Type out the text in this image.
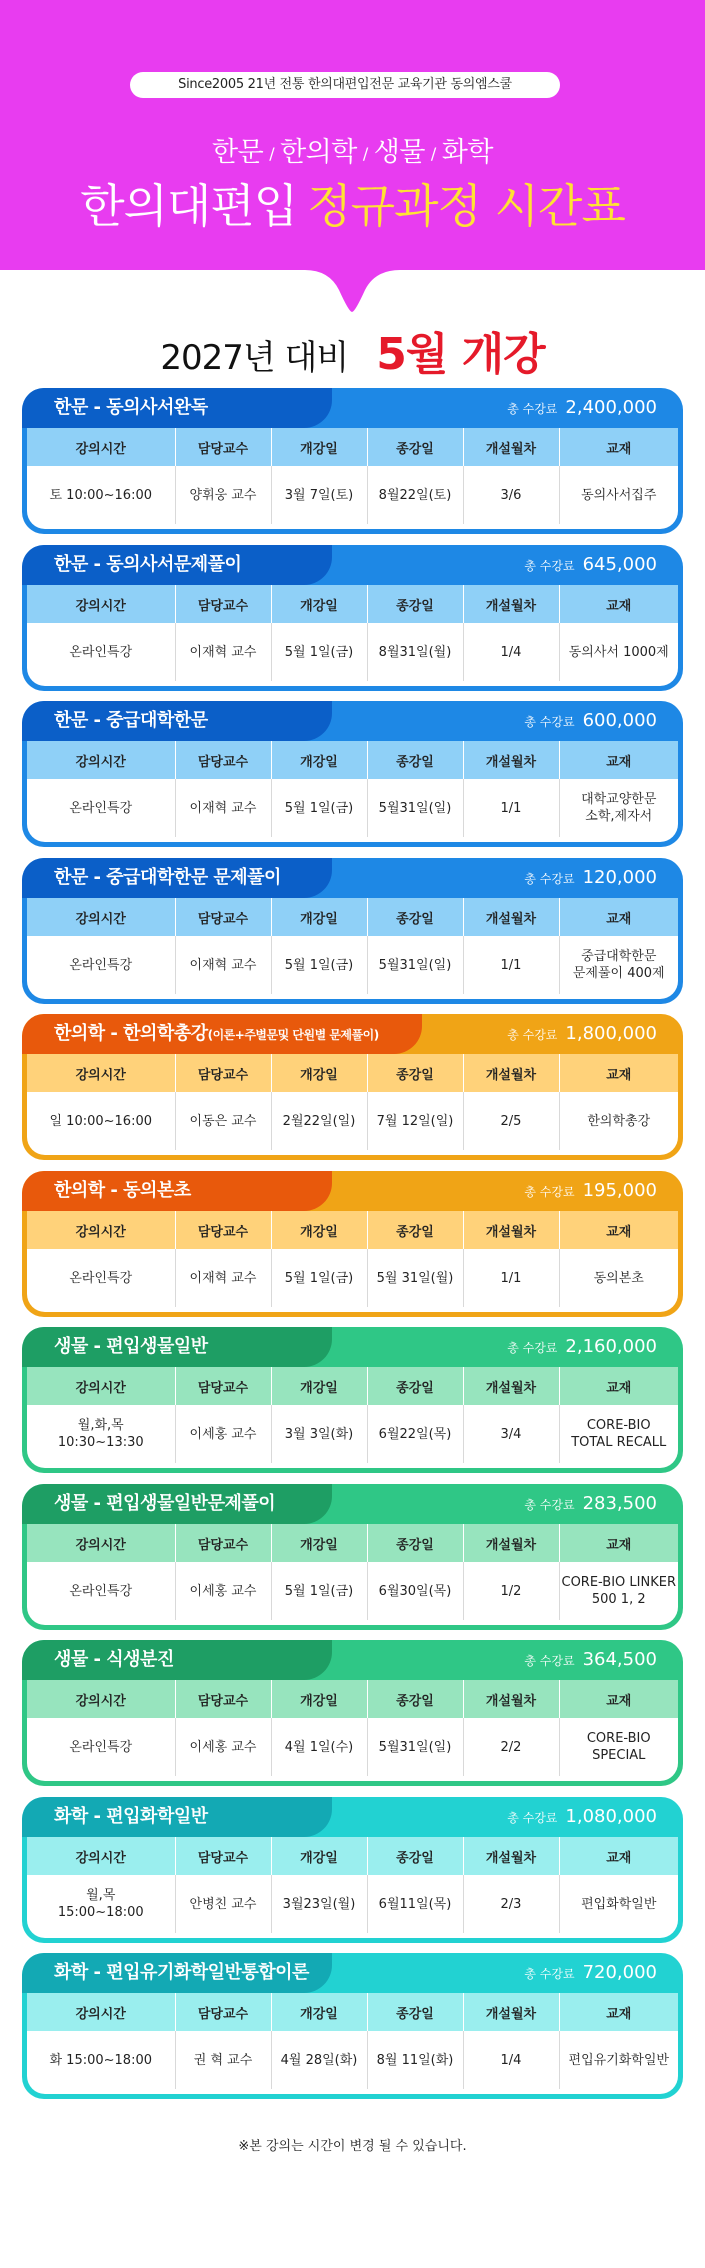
Since2005 21년 전통 한의대편입전문 교육기관 동의엠스쿨
한문 / 한의학 / 생물 / 화학
한의대편입 정규과정 시간표
2027년 대비 5월 개강
한문 - 동의사서완독	총 수강료 2,400,000
강의시간	담당교수	개강일	종강일	개설월차	교재
토 10:00~16:00	양휘웅 교수	3월 7일(토)	8월22일(토)	3/6	동의사서집주
한문 - 동의사서문제풀이	총 수강료 645,000
강의시간	담당교수	개강일	종강일	개설월차	교재
온라인특강	이재혁 교수	5월 1일(금)	8월31일(월)	1/4	동의사서 1000제
한문 - 중급대학한문	총 수강료 600,000
강의시간	담당교수	개강일	종강일	개설월차	교재
온라인특강	이재혁 교수	5월 1일(금)	5월31일(일)	1/1	대학교양한문
소학,제자서
한문 - 중급대학한문 문제풀이	총 수강료 120,000
강의시간	담당교수	개강일	종강일	개설월차	교재
온라인특강	이재혁 교수	5월 1일(금)	5월31일(일)	1/1	중급대학한문
문제풀이 400제
한의학 - 한의학총강(이론+주별문및 단원별 문제풀이)	총 수강료 1,800,000
강의시간	담당교수	개강일	종강일	개설월차	교재
일 10:00~16:00	이동은 교수	2월22일(일)	7월 12일(일)	2/5	한의학총강
한의학 - 동의본초	총 수강료 195,000
강의시간	담당교수	개강일	종강일	개설월차	교재
온라인특강	이재혁 교수	5월 1일(금)	5월 31일(월)	1/1	동의본초
생물 - 편입생물일반	총 수강료 2,160,000
강의시간	담당교수	개강일	종강일	개설월차	교재
월,화,목
10:30~13:30	이세홍 교수	3월 3일(화)	6월22일(목)	3/4	CORE-BIO
TOTAL RECALL
생물 - 편입생물일반문제풀이	총 수강료 283,500
강의시간	담당교수	개강일	종강일	개설월차	교재
온라인특강	이세홍 교수	5월 1일(금)	6월30일(목)	1/2	CORE-BIO LINKER
500 1, 2
생물 - 식생분진	총 수강료 364,500
강의시간	담당교수	개강일	종강일	개설월차	교재
온라인특강	이세홍 교수	4월 1일(수)	5월31일(일)	2/2	CORE-BIO
SPECIAL
화학 - 편입화학일반	총 수강료 1,080,000
강의시간	담당교수	개강일	종강일	개설월차	교재
월,목
15:00~18:00	안병친 교수	3월23일(월)	6월11일(목)	2/3	편입화학일반
화학 - 편입유기화학일반통합이론	총 수강료 720,000
강의시간	담당교수	개강일	종강일	개설월차	교재
화 15:00~18:00	권 혁 교수	4월 28일(화)	8월 11일(화)	1/4	편입유기화학일반
※본 강의는 시간이 변경 될 수 있습니다.
